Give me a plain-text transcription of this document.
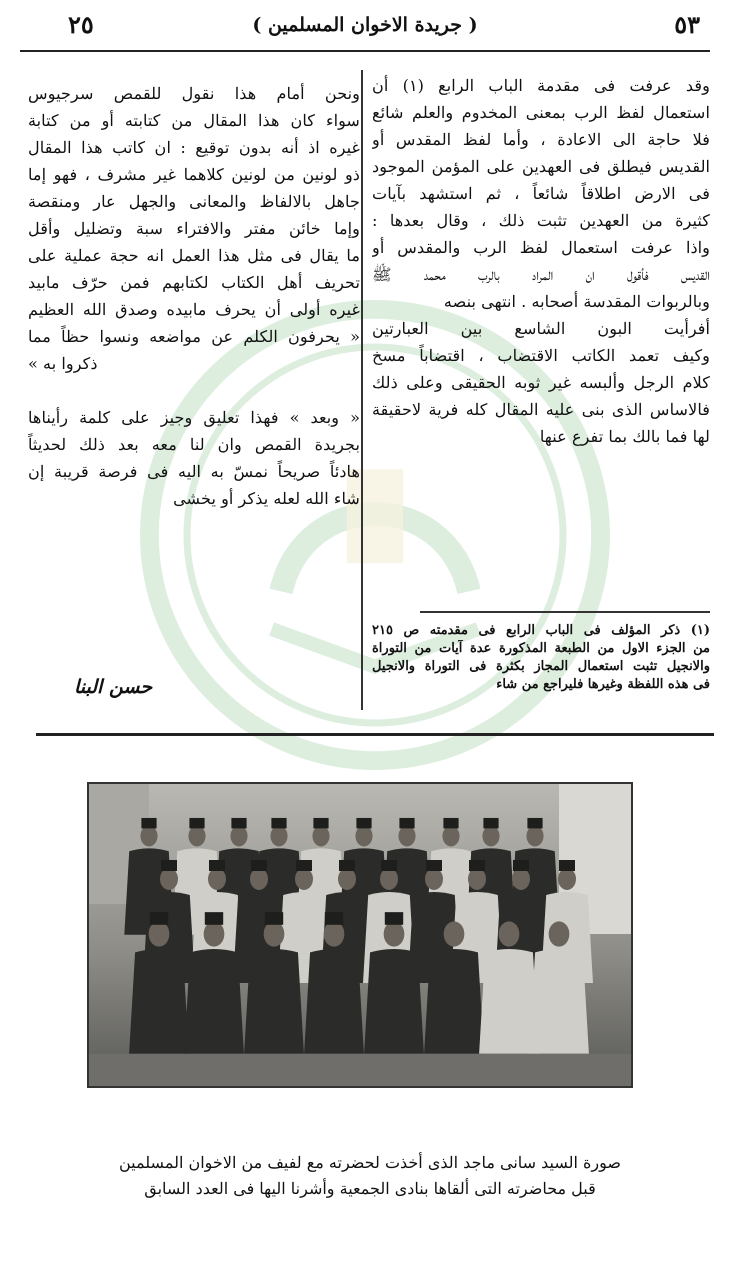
٥٣
( جريدة الاخوان المسلمين )
٢٥
وقد عرفت فى مقدمة الباب الرابع (١) أن
استعمال لفظ الرب بمعنى المخدوم والعلم شائع
فلا حاجة الى الاعادة ، وأما لفظ المقدس أو
القديس فيطلق فى العهدين على المؤمن الموجود
فى الارض اطلاقاً شائعاً ، ثم استشهد بآيات
كثيرة من العهدين تثبت ذلك ، وقال بعدها :
واذا عرفت استعمال لفظ الرب والمقدس أو
القديس فأقول ان المراد بالرب محمد ﷺ
وبالربوات المقدسة أصحابه . انتهى بنصه
أفرأيت البون الشاسع بين العبارتين
وكيف تعمد الكاتب الاقتضاب ، اقتضاباً مسخ
كلام الرجل وألبسه غير ثوبه الحقيقى وعلى ذلك
فالاساس الذى بنى عليه المقال كله فرية لاحقيقة
لها فما بالك بما تفرع عنها
ونحن أمام هذا نقول للقمص سرجيوس
سواء كان هذا المقال من كتابته أو من كتابة
غيره اذ أنه بدون توقيع : ان كاتب هذا المقال
ذو لونين من لونين كلاهما غير مشرف ، فهو إما
جاهل بالالفاظ والمعانى والجهل عار ومنقصة
وإما خائن مفتر والافتراء سبة وتضليل وأقل
ما يقال فى مثل هذا العمل انه حجة عملية على
تحريف أهل الكتاب لكتابهم فمن حرّف مابيد
غيره أولى أن يحرف مابيده وصدق الله العظيم
« يحرفون الكلم عن مواضعه ونسوا حظاً مما
ذكروا به »

« وبعد » فهذا تعليق وجيز على كلمة رأيناها
بجريدة القمص وان لنا معه بعد ذلك لحديثاً
هادئاً صريحاً نمسّ به اليه فى فرصة قريبة إن
شاء الله لعله يذكر أو يخشى
(١) ذكر المؤلف فى الباب الرابع فى مقدمته ص ٢١٥
من الجزء الاول من الطبعة المذكورة عدة آيات من التوراة
والانجيل تثبت استعمال المجاز بكثرة فى التوراة والانجيل
فى هذه اللفظة وغيرها فليراجع من شاء
حسن البنا
صورة السيد سانى ماجد الذى أخذت لحضرته مع لفيف من الاخوان المسلمين
قبل محاضرته التى ألقاها بنادى الجمعية وأشرنا اليها فى العدد السابق
